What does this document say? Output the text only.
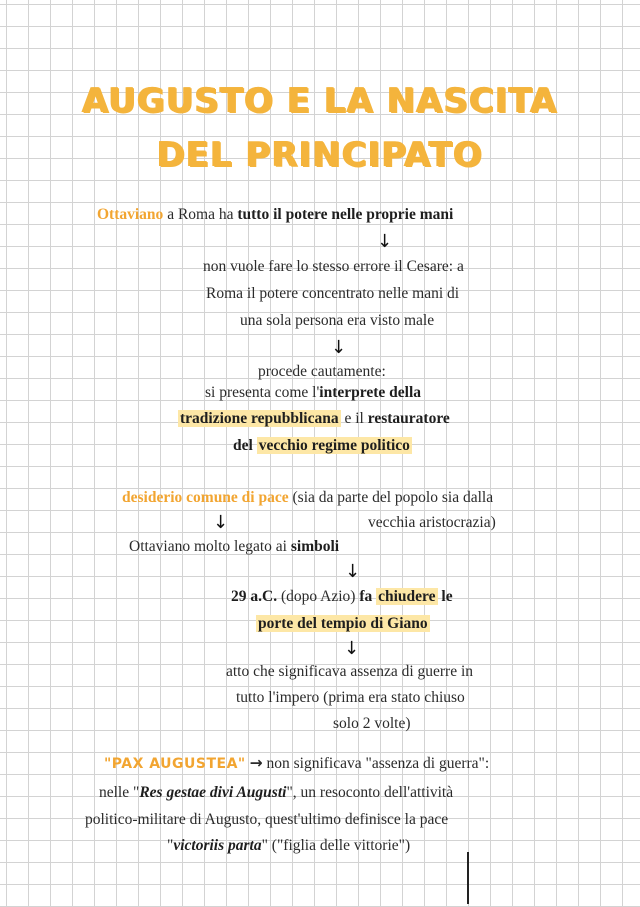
AUGUSTO E LA NASCITA
DEL PRINCIPATO
Ottaviano a Roma ha tutto il potere nelle proprie mani
↓
non vuole fare lo stesso errore il Cesare: a
Roma il potere concentrato nelle mani di
una sola persona era visto male
↓
procede cautamente:
si presenta come l'interprete della
tradizione repubblicana e il restauratore
del vecchio regime politico
desiderio comune di pace (sia da parte del popolo sia dalla
↓	vecchia aristocrazia)
Ottaviano molto legato ai simboli
↓
29 a.C. (dopo Azio) fa chiudere le
porte del tempio di Giano
↓
atto che significava assenza di guerre in
tutto l'impero (prima era stato chiuso
solo 2 volte)
"PAX AUGUSTEA" → non significava "assenza di guerra":
nelle "Res gestae divi Augusti", un resoconto dell'attività
politico-militare di Augusto, quest'ultimo definisce la pace
"victoriis parta" ("figlia delle vittorie")
